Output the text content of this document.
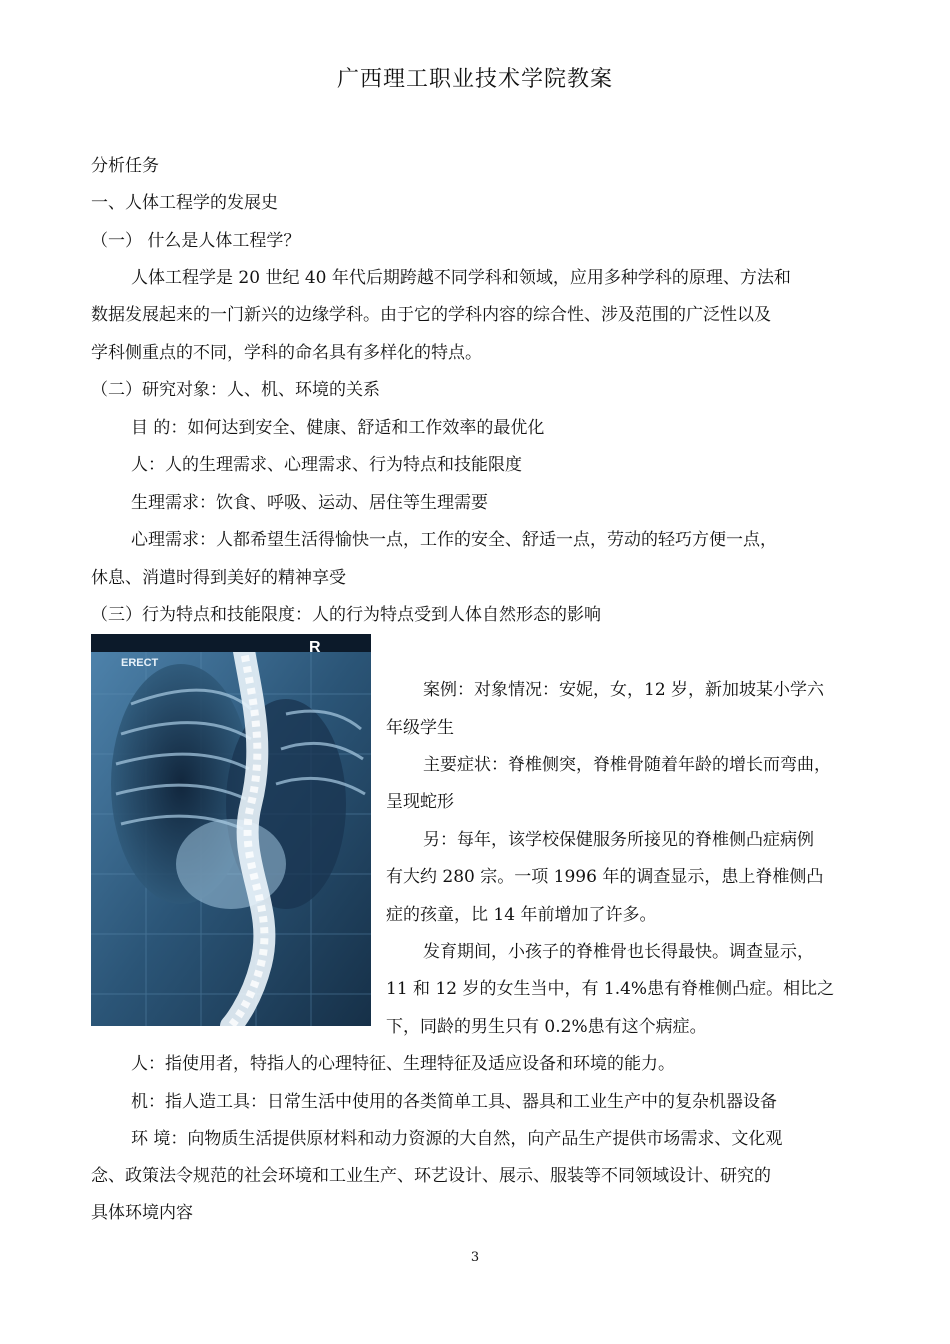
广西理工职业技术学院教案
分析任务
一、人体工程学的发展史
（一） 什么是人体工程学？
人体工程学是 20 世纪 40 年代后期跨越不同学科和领域，应用多种学科的原理、方法和
数据发展起来的一门新兴的边缘学科。由于它的学科内容的综合性、涉及范围的广泛性以及
学科侧重点的不同，学科的命名具有多样化的特点。
（二）研究对象：人、机、环境的关系
目 的：如何达到安全、健康、舒适和工作效率的最优化
人：人的生理需求、心理需求、行为特点和技能限度
生理需求：饮食、呼吸、运动、居住等生理需要
心理需求：人都希望生活得愉快一点，工作的安全、舒适一点，劳动的轻巧方便一点，
休息、消遣时得到美好的精神享受
（三）行为特点和技能限度：人的行为特点受到人体自然形态的影响
ERECT
R
案例：对象情况：安妮，女，12 岁，新加坡某小学六
年级学生
主要症状：脊椎侧突，脊椎骨随着年龄的增长而弯曲，
呈现蛇形
另：每年，该学校保健服务所接见的脊椎侧凸症病例
有大约 280 宗。一项 1996 年的调查显示，患上脊椎侧凸
症的孩童，比 14 年前增加了许多。
发育期间，小孩子的脊椎骨也长得最快。调查显示，
11 和 12 岁的女生当中，有 1.4%患有脊椎侧凸症。相比之
下，同龄的男生只有 0.2%患有这个病症。
人：指使用者，特指人的心理特征、生理特征及适应设备和环境的能力。
机：指人造工具：日常生活中使用的各类简单工具、器具和工业生产中的复杂机器设备
环 境：向物质生活提供原材料和动力资源的大自然，向产品生产提供市场需求、文化观
念、政策法令规范的社会环境和工业生产、环艺设计、展示、服装等不同领域设计、研究的
具体环境内容
3
